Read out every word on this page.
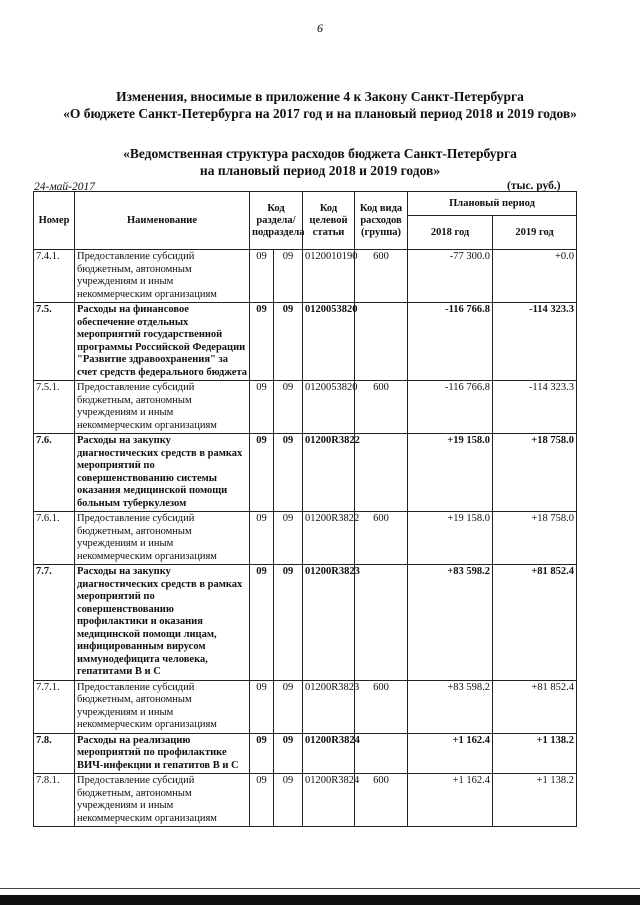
6
Изменения, вносимые в приложение 4 к Закону Санкт-Петербурга
«О бюджете Санкт-Петербурга на 2017 год и на плановый период 2018 и 2019 годов»
«Ведомственная структура расходов бюджета Санкт-Петербурга
на плановый период 2018 и 2019 годов»
24-май-2017	(тыс. руб.)
Номер	Наименование	Код раздела/ подраздела		Код целевой статьи	Код вида расходов (группа)	Плановый период	
						2018 год	2019 год
7.4.1.	Предоставление субсидий бюджетным, автономным учреждениям и иным некоммерческим организациям	09	09	0120010190	600	-77 300.0	+0.0
7.5.	Расходы на финансовое обеспечение отдельных мероприятий государственной программы Российской Федерации "Развитие здравоохранения" за счет средств федерального бюджета	09	09	0120053820		-116 766.8	-114 323.3
7.5.1.	Предоставление субсидий бюджетным, автономным учреждениям и иным некоммерческим организациям	09	09	0120053820	600	-116 766.8	-114 323.3
7.6.	Расходы на закупку диагностических средств в рамках мероприятий по совершенствованию системы оказания медицинской помощи больным туберкулезом	09	09	01200R3822		+19 158.0	+18 758.0
7.6.1.	Предоставление субсидий бюджетным, автономным учреждениям и иным некоммерческим организациям	09	09	01200R3822	600	+19 158.0	+18 758.0
7.7.	Расходы на закупку диагностических средств в рамках мероприятий по совершенствованию профилактики и оказания медицинской помощи лицам, инфицированным вирусом иммунодефицита человека, гепатитами В и С	09	09	01200R3823		+83 598.2	+81 852.4
7.7.1.	Предоставление субсидий бюджетным, автономным учреждениям и иным некоммерческим организациям	09	09	01200R3823	600	+83 598.2	+81 852.4
7.8.	Расходы на реализацию мероприятий по профилактике ВИЧ-инфекции и гепатитов В и С	09	09	01200R3824		+1 162.4	+1 138.2
7.8.1.	Предоставление субсидий бюджетным, автономным учреждениям и иным некоммерческим организациям	09	09	01200R3824	600	+1 162.4	+1 138.2
